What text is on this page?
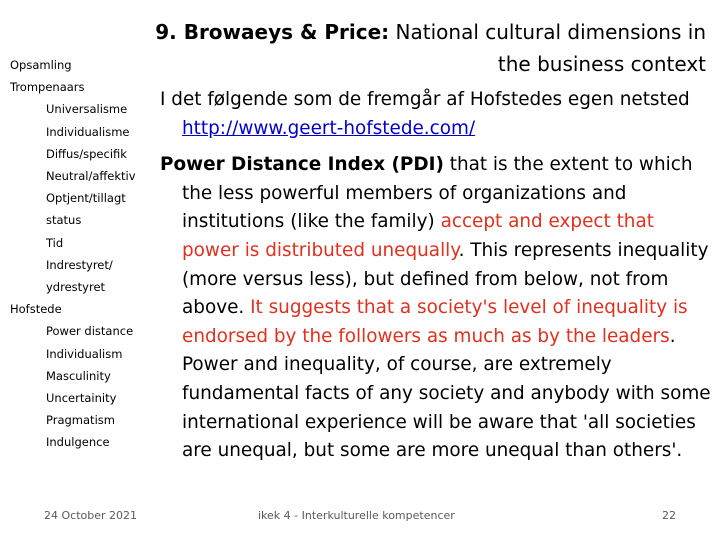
9. Browaeys & Price: National cultural dimensions in the business context
Opsamling
Trompenaars
Universalisme
Individualisme
Diffus/specifik
Neutral/affektiv
Optjent/tillagt
status
Tid
Indrestyret/
ydrestyret
Hofstede
Power distance
Individualism
Masculinity
Uncertainity
Pragmatism
Indulgence
I det følgende som de fremgår af Hofstedes egen netsted http://www.geert-hofstede.com/
Power Distance Index (PDI) that is the extent to which the less powerful members of organizations and institutions (like the family) accept and expect that power is distributed unequally. This represents inequality (more versus less), but defined from below, not from above. It suggests that a society's level of inequality is endorsed by the followers as much as by the leaders. Power and inequality, of course, are extremely fundamental facts of any society and anybody with some international experience will be aware that 'all societies are unequal, but some are more unequal than others'.
24 October 2021	ikek 4 - Interkulturelle kompetencer	22
